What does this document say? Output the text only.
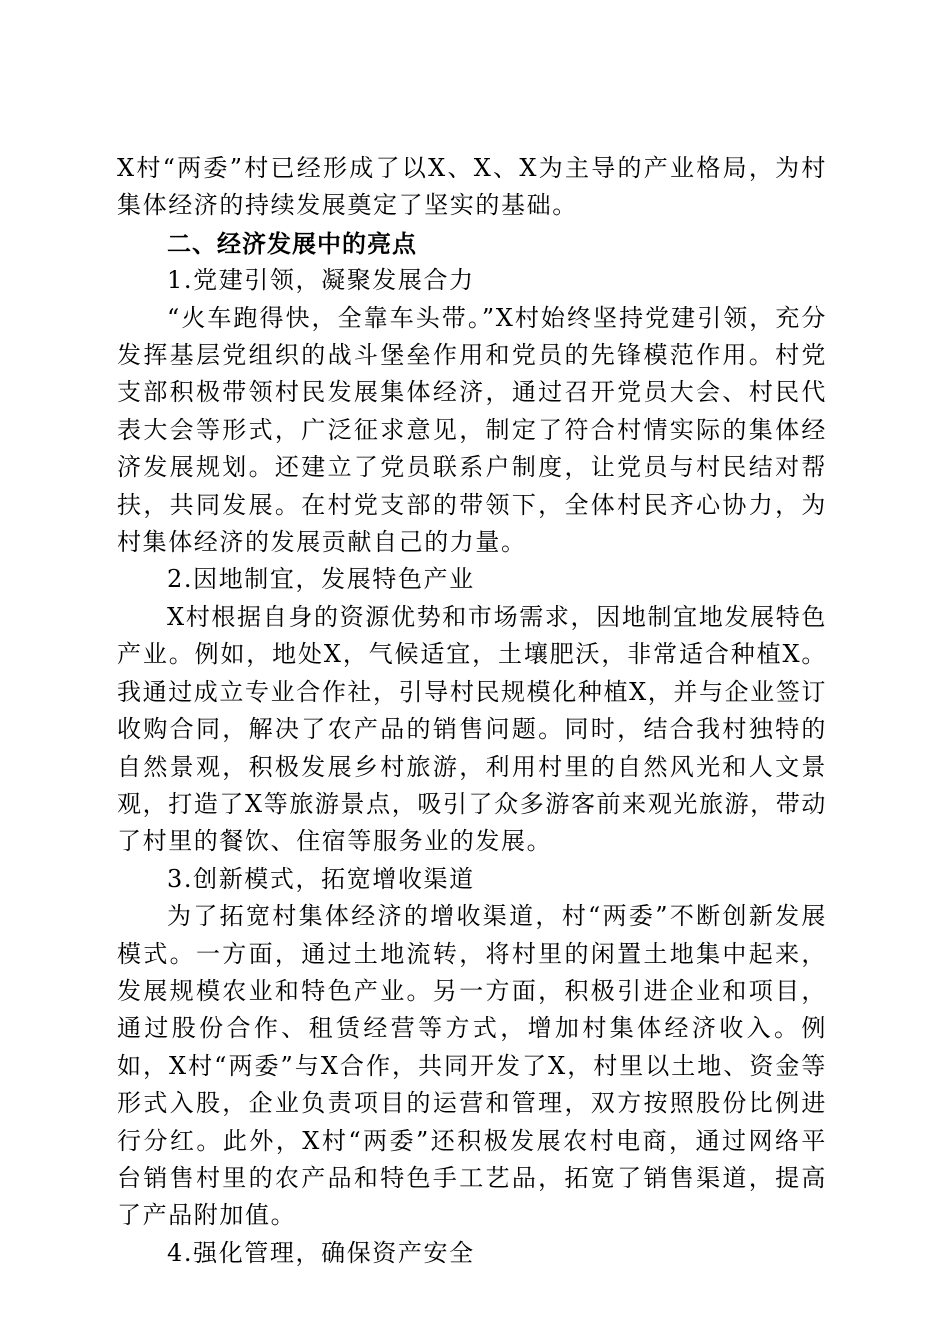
X村“两委”村已经形成了以X、X、X为主导的产业格局，为村集体经济的持续发展奠定了坚实的基础。

二、经济发展中的亮点

1.党建引领，凝聚发展合力

“火车跑得快，全靠车头带。”X村始终坚持党建引领，充分发挥基层党组织的战斗堡垒作用和党员的先锋模范作用。村党支部积极带领村民发展集体经济，通过召开党员大会、村民代表大会等形式，广泛征求意见，制定了符合村情实际的集体经济发展规划。还建立了党员联系户制度，让党员与村民结对帮扶，共同发展。在村党支部的带领下，全体村民齐心协力，为村集体经济的发展贡献自己的力量。

2.因地制宜，发展特色产业

X村根据自身的资源优势和市场需求，因地制宜地发展特色产业。例如，地处X，气候适宜，土壤肥沃，非常适合种植X。我通过成立专业合作社，引导村民规模化种植X，并与企业签订收购合同，解决了农产品的销售问题。同时，结合我村独特的自然景观，积极发展乡村旅游，利用村里的自然风光和人文景观，打造了X等旅游景点，吸引了众多游客前来观光旅游，带动了村里的餐饮、住宿等服务业的发展。

3.创新模式，拓宽增收渠道

为了拓宽村集体经济的增收渠道，村“两委”不断创新发展模式。一方面，通过土地流转，将村里的闲置土地集中起来，发展规模农业和特色产业。另一方面，积极引进企业和项目，通过股份合作、租赁经营等方式，增加村集体经济收入。例如，X村“两委”与X合作，共同开发了X，村里以土地、资金等形式入股，企业负责项目的运营和管理，双方按照股份比例进行分红。此外，X村“两委”还积极发展农村电商，通过网络平台销售村里的农产品和特色手工艺品，拓宽了销售渠道，提高了产品附加值。

4.强化管理，确保资产安全
